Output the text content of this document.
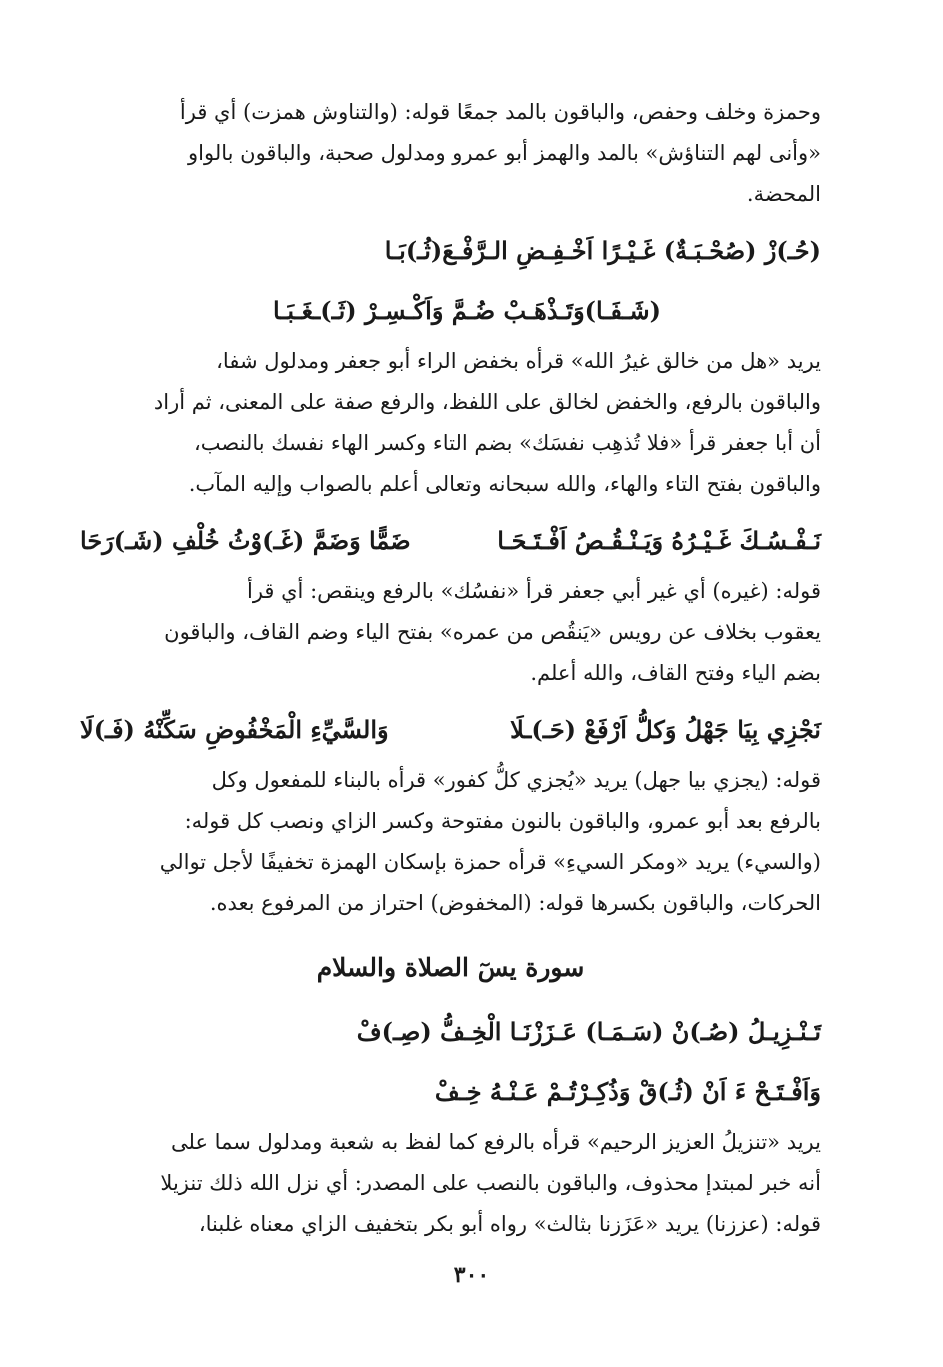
وحمزة وخلف وحفص، والباقون بالمد جمعًا قوله: (والتناوش همزت) أي قرأ
«وأنى لهم التناؤش» بالمد والهمز أبو عمرو ومدلول صحبة، والباقون بالواو
المحضة.

(حُـ)زْ (صُحْـبَـةٌ) غَـيْـرًا اَخْـفِـضِ الـرَّفْـعَ(ثُـ)بَـا
(شَـفَـا)وَتَـذْهَـبْ ضُـمَّ وَاَكْـسِـرْ (ثَـ)ـغَـبَـا

يريد «هل من خالق غيرُ الله» قرأه بخفض الراء أبو جعفر ومدلول شفا،
والباقون بالرفع، والخفض لخالق على اللفظ، والرفع صفة على المعنى، ثم أراد
أن أبا جعفر قرأ «فلا تُذهِب نفسَك» بضم التاء وكسر الهاء نفسك بالنصب،
والباقون بفتح التاء والهاء، والله سبحانه وتعالى أعلم بالصواب وإليه المآب.

نَـفْـسُـكَ غَـيْـرُهُ وَيَـنْـقُـصُ اَفْـتَـحَـا
ضَمًّا وَضَمَّ (غَـ)وْثُ خُلْفِ (شَـ)رَحَا

قوله: (غيره) أي غير أبي جعفر قرأ «نفسُك» بالرفع وينقص: أي قرأ
يعقوب بخلاف عن رويس «يَنقُص من عمره» بفتح الياء وضم القاف، والباقون
بضم الياء وفتح القاف، والله أعلم.

نَجْزِي بِيَا جَهْلُ وَكلُّ اَرْفَعْ (حَـ)ـلَا
وَالسَّيِّءِ الْمَخْفُوضِ سَكِّنْهُ (فَـ)لَا

قوله: (يجزي بيا جهل) يريد «يُجزي كلُّ كفور» قرأه بالبناء للمفعول وكل
بالرفع بعد أبو عمرو، والباقون بالنون مفتوحة وكسر الزاي ونصب كل قوله:
(والسيء) يريد «ومكر السيءِ» قرأه حمزة بإسكان الهمزة تخفيفًا لأجل توالي
الحركات، والباقون بكسرها قوله: (المخفوض) احتراز من المرفوع بعده.

سورة يسٓ الصلاة والسلام
تَـنْـزِيـلُ (صُـ)نْ (سَـمَـا) عَـزَزْنَـا الْخِـفُّ (صِـ)فْ
وَاَفْـتَـحْ ءَ اَنْ (ثُـ)قْ وَذُكِـرْتُـمْ عَـنْـهُ خِـفْ

يريد «تنزيلُ العزيز الرحيم» قرأه بالرفع كما لفظ به شعبة ومدلول سما على
أنه خبر لمبتدإ محذوف، والباقون بالنصب على المصدر: أي نزل الله ذلك تنزيلا
قوله: (عززنا) يريد «عَزَزنا بثالث» رواه أبو بكر بتخفيف الزاي معناه غلبنا،

٣٠٠
